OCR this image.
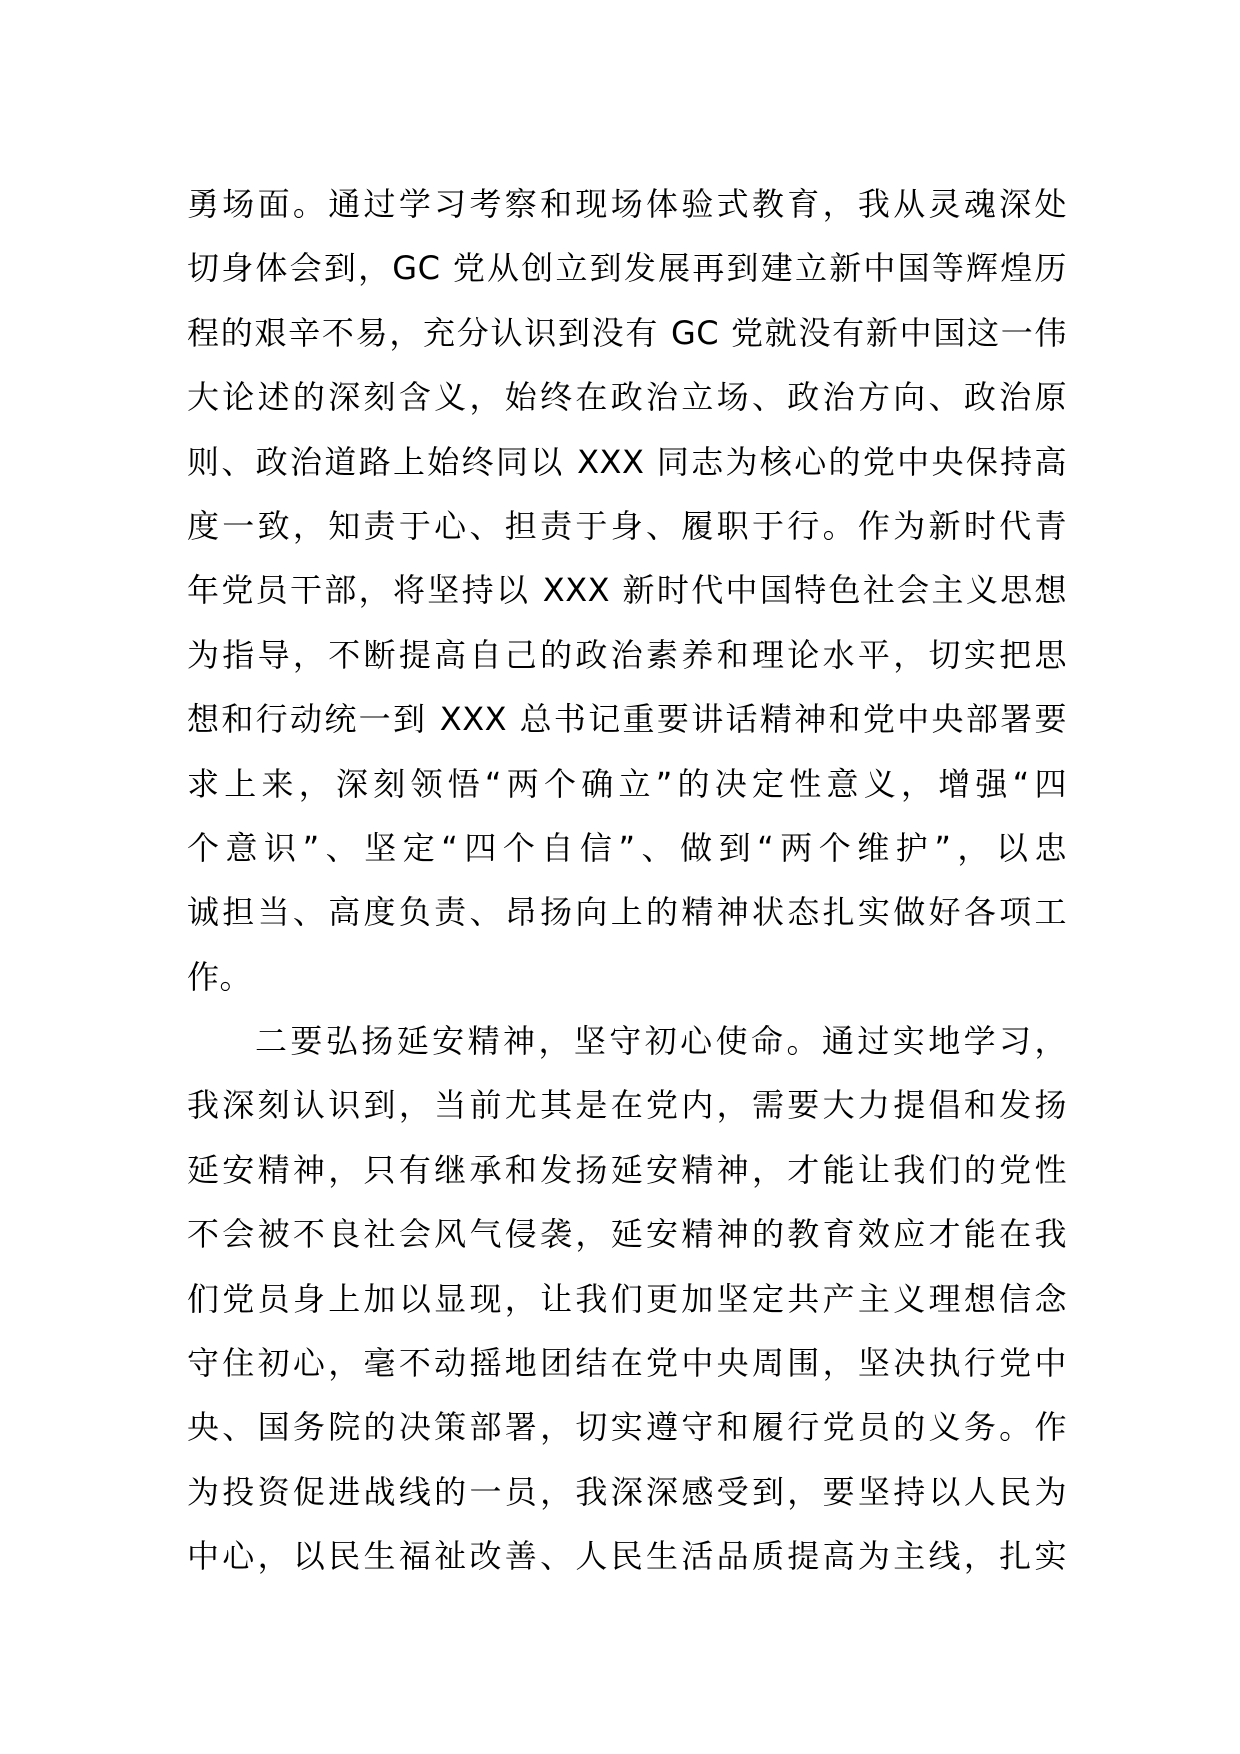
勇场面。通过学习考察和现场体验式教育，我从灵魂深处
切身体会到，GC 党从创立到发展再到建立新中国等辉煌历
程的艰辛不易，充分认识到没有 GC 党就没有新中国这一伟
大论述的深刻含义，始终在政治立场、政治方向、政治原
则、政治道路上始终同以 XXX 同志为核心的党中央保持高
度一致，知责于心、担责于身、履职于行。作为新时代青
年党员干部，将坚持以 XXX 新时代中国特色社会主义思想
为指导，不断提高自己的政治素养和理论水平，切实把思
想和行动统一到 XXX 总书记重要讲话精神和党中央部署要
求上来，深刻领悟“两个确立”的决定性意义，增强“四
个意识”、坚定“四个自信”、做到“两个维护”，以忠
诚担当、高度负责、昂扬向上的精神状态扎实做好各项工
作。
二要弘扬延安精神，坚守初心使命。通过实地学习，
我深刻认识到，当前尤其是在党内，需要大力提倡和发扬
延安精神，只有继承和发扬延安精神，才能让我们的党性
不会被不良社会风气侵袭，延安精神的教育效应才能在我
们党员身上加以显现，让我们更加坚定共产主义理想信念
守住初心，毫不动摇地团结在党中央周围，坚决执行党中
央、国务院的决策部署，切实遵守和履行党员的义务。作
为投资促进战线的一员，我深深感受到，要坚持以人民为
中心，以民生福祉改善、人民生活品质提高为主线，扎实
